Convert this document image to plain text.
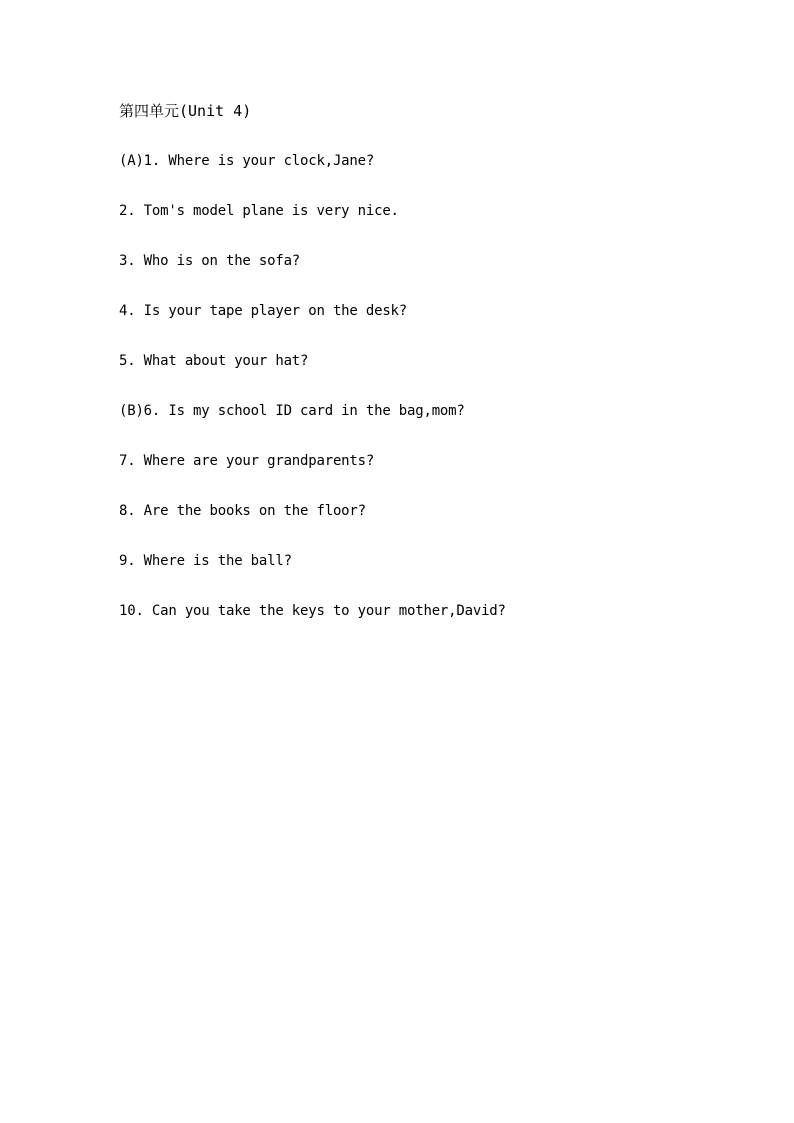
第四单元(Unit 4)
(A)1. Where is your clock,Jane?
2. Tom's model plane is very nice.
3. Who is on the sofa?
4. Is your tape player on the desk?
5. What about your hat?
(B)6. Is my school ID card in the bag,mom?
7. Where are your grandparents?
8. Are the books on the floor?
9. Where is the ball?
10. Can you take the keys to your mother,David?
